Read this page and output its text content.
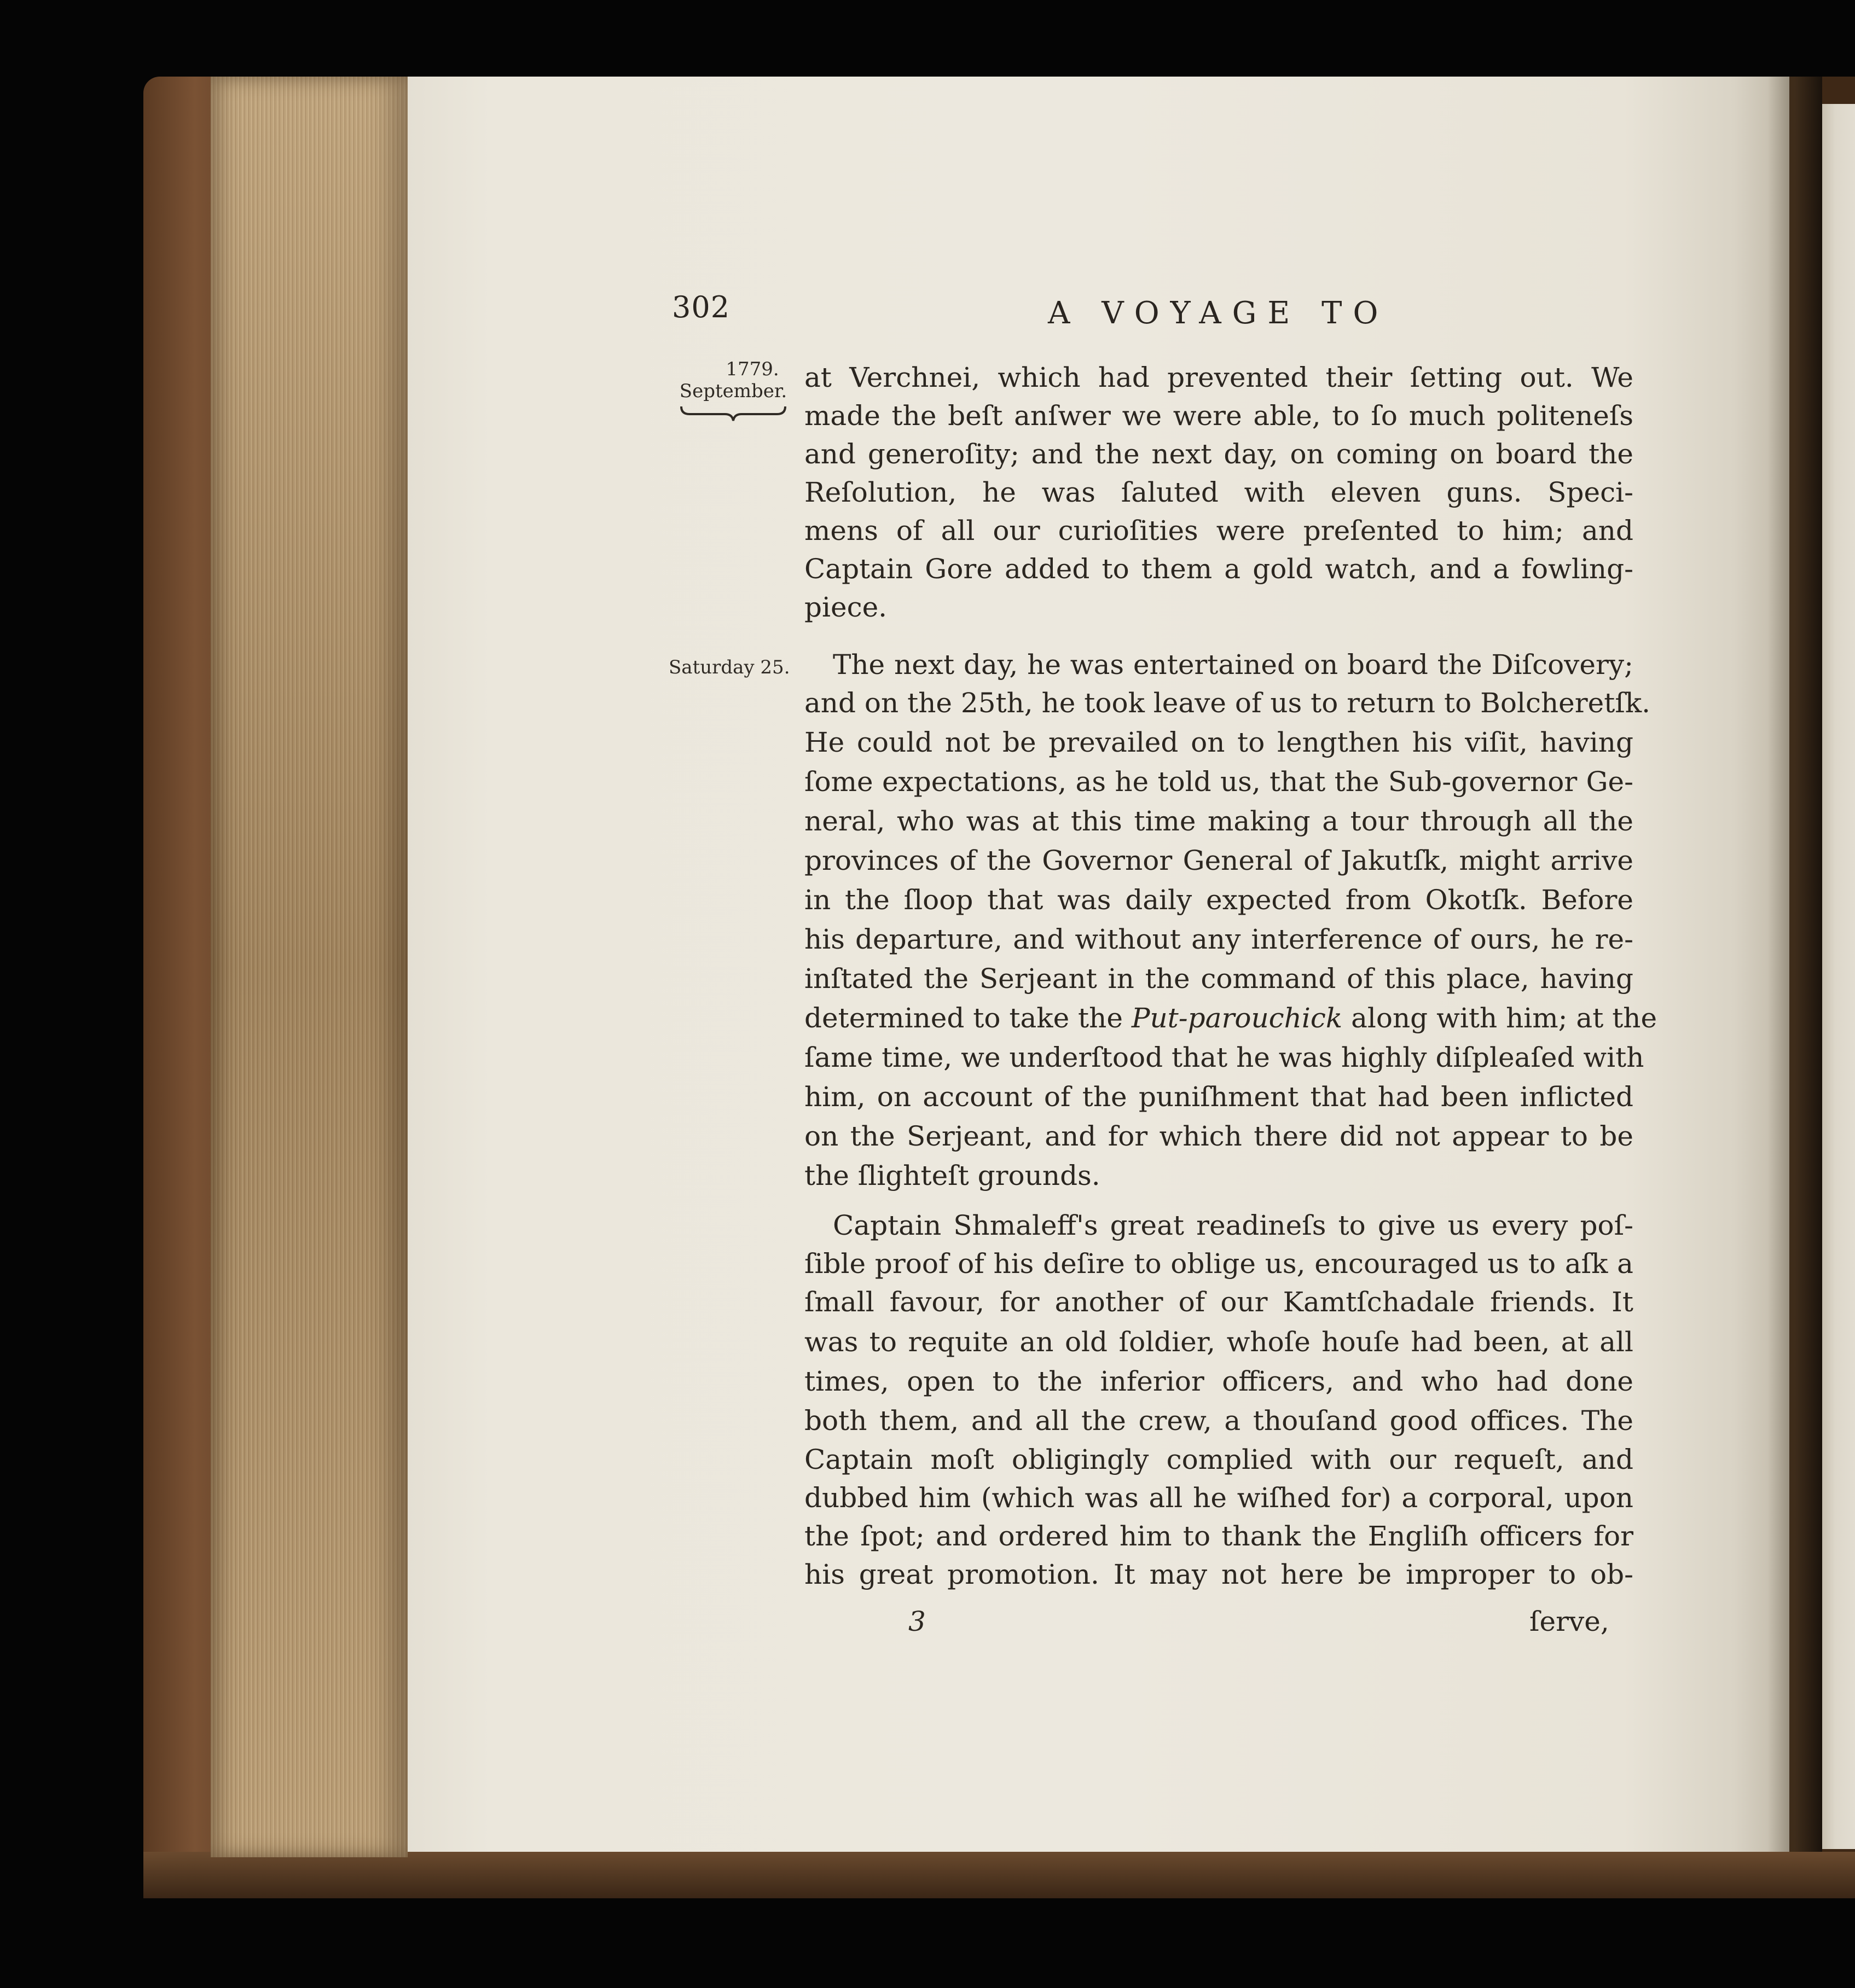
302	A VOYAGE TO
1779.
September.
Saturday 25.
at Verchnei, which had prevented their ſetting out. We
made the beſt anſwer we were able, to ſo much politeneſs
and generoſity; and the next day, on coming on board the
Reſolution, he was ſaluted with eleven guns. Speci-
mens of all our curioſities were preſented to him; and
Captain Gore added to them a gold watch, and a fowling-
piece.
The next day, he was entertained on board the Diſcovery;
and on the 25th, he took leave of us to return to Bolcheretſk.
He could not be prevailed on to lengthen his viſit, having
ſome expectations, as he told us, that the Sub-governor Ge-
neral, who was at this time making a tour through all the
provinces of the Governor General of Jakutſk, might arrive
in the ſloop that was daily expected from Okotſk. Before
his departure, and without any interference of ours, he re-
inſtated the Serjeant in the command of this place, having
determined to take the Put-parouchick along with him; at the
ſame time, we underſtood that he was highly diſpleaſed with
him, on account of the puniſhment that had been inflicted
on the Serjeant, and for which there did not appear to be
the ſlighteſt grounds.
Captain Shmaleff's great readineſs to give us every poſ-
ſible proof of his deſire to oblige us, encouraged us to aſk a
ſmall favour, for another of our Kamtſchadale friends. It
was to requite an old ſoldier, whoſe houſe had been, at all
times, open to the inferior officers, and who had done
both them, and all the crew, a thouſand good offices. The
Captain moſt obligingly complied with our requeſt, and
dubbed him (which was all he wiſhed for) a corporal, upon
the ſpot; and ordered him to thank the Engliſh officers for
his great promotion. It may not here be improper to ob-
3	ſerve,
